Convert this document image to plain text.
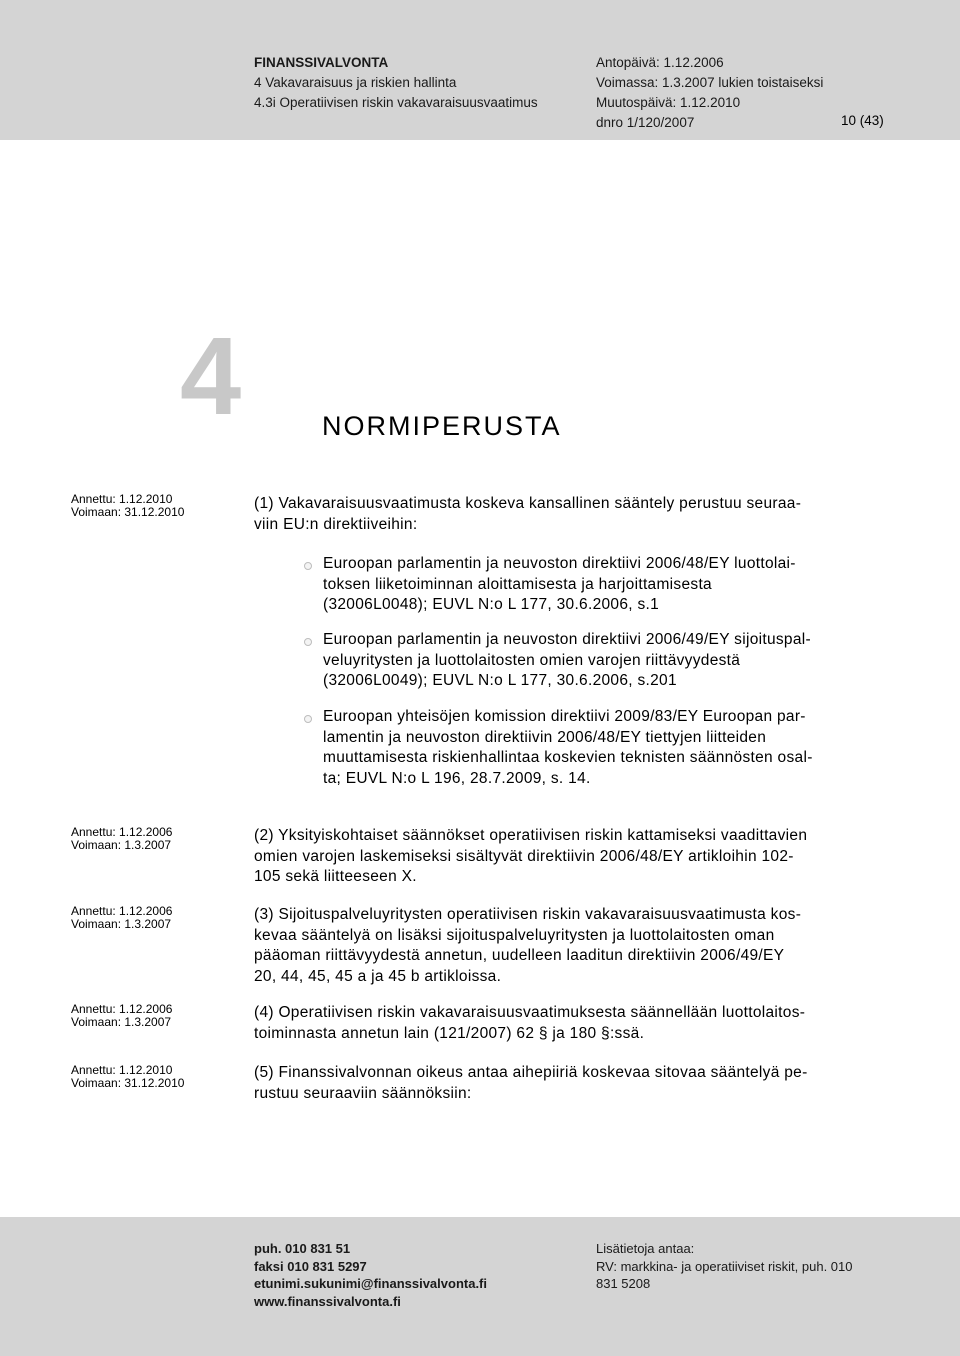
FINANSSIVALVONTA
4 Vakavaraisuus ja riskien hallinta
4.3i Operatiivisen riskin vakavaraisuusvaatimus
Antopäivä: 1.12.2006
Voimassa: 1.3.2007 lukien toistaiseksi
Muutospäivä: 1.12.2010
dnro 1/120/2007	10 (43)
4	NORMIPERUSTA
Annettu: 1.12.2010
Voimaan: 31.12.2010	(1) Vakavaraisuusvaatimusta koskeva kansallinen sääntely perustuu seuraa-
viin EU:n direktiiveihin:
Euroopan parlamentin ja neuvoston direktiivi 2006/48/EY luottolai-
toksen liiketoiminnan aloittamisesta ja harjoittamisesta
(32006L0048); EUVL N:o L 177, 30.6.2006, s.1
Euroopan parlamentin ja neuvoston direktiivi 2006/49/EY sijoituspal-
veluyritysten ja luottolaitosten omien varojen riittävyydestä
(32006L0049); EUVL N:o L 177, 30.6.2006, s.201
Euroopan yhteisöjen komission direktiivi 2009/83/EY Euroopan par-
lamentin ja neuvoston direktiivin 2006/48/EY tiettyjen liitteiden
muuttamisesta riskienhallintaa koskevien teknisten säännösten osal-
ta; EUVL N:o L 196, 28.7.2009, s. 14.
Annettu: 1.12.2006
Voimaan: 1.3.2007
(2) Yksityiskohtaiset säännökset operatiivisen riskin kattamiseksi vaadittavien
omien varojen laskemiseksi sisältyvät direktiivin 2006/48/EY artikloihin 102-
105 sekä liitteeseen X.
Annettu: 1.12.2006
Voimaan: 1.3.2007
(3) Sijoituspalveluyritysten operatiivisen riskin vakavaraisuusvaatimusta kos-
kevaa sääntelyä on lisäksi sijoituspalveluyritysten ja luottolaitosten oman
pääoman riittävyydestä annetun, uudelleen laaditun direktiivin 2006/49/EY
20, 44, 45, 45 a ja 45 b artikloissa.
Annettu: 1.12.2006
Voimaan: 1.3.2007
(4) Operatiivisen riskin vakavaraisuusvaatimuksesta säännellään luottolaitos-
toiminnasta annetun lain (121/2007) 62 § ja 180 §:ssä.
Annettu: 1.12.2010
Voimaan: 31.12.2010
(5) Finanssivalvonnan oikeus antaa aihepiiriä koskevaa sitovaa sääntelyä pe-
rustuu seuraaviin säännöksiin:
puh. 010 831 51
faksi 010 831 5297
etunimi.sukunimi@finanssivalvonta.fi
www.finanssivalvonta.fi
Lisätietoja antaa:
RV: markkina- ja operatiiviset riskit, puh. 010
831 5208
